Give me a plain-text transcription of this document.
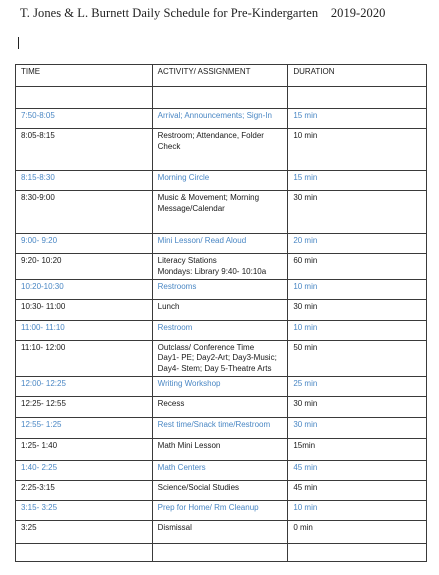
T. Jones & L. Burnett Daily Schedule for Pre-Kindergarten    2019-2020
TIME	ACTIVITY/ ASSIGNMENT	DURATION

7:50-8:05	Arrival; Announcements; Sign-In	15 min
8:05-8:15	Restroom; Attendance, Folder
Check	10 min
8:15-8:30	Morning Circle	15 min
8:30-9:00	Music & Movement; Morning
Message/Calendar	30 min
9:00- 9:20	Mini Lesson/ Read Aloud	20 min
9:20- 10:20	Literacy Stations
Mondays: Library 9:40- 10:10a	60 min
10:20-10:30	Restrooms	10 min
10:30- 11:00	Lunch	30 min
11:00- 11:10	Restroom	10 min
11:10- 12:00	Outclass/ Conference Time
Day1- PE; Day2-Art; Day3-Music;
Day4- Stem; Day 5-Theatre Arts	50 min
12:00- 12:25	Writing Workshop	25 min
12:25- 12:55	Recess	30 min
12:55- 1:25	Rest time/Snack time/Restroom	30 min
1:25- 1:40	Math Mini Lesson	15min
1:40- 2:25	Math Centers	45 min
2:25-3:15	Science/Social Studies	45 min
3:15- 3:25	Prep for Home/ Rm Cleanup	10 min
3:25	Dismissal	0 min
